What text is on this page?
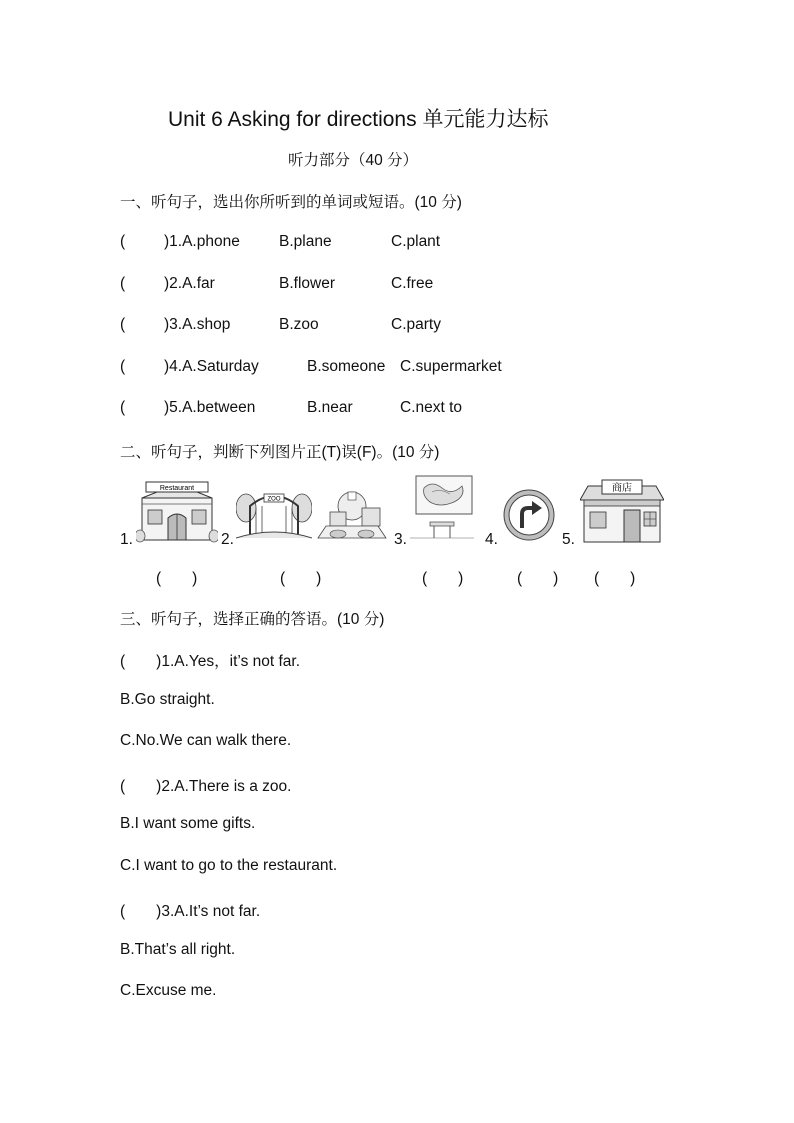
Unit 6 Asking for directions 单元能力达标
听力部分（40 分）
一、听句子，选出你所听到的单词或短语。(10 分)
(	)1.A.phone	B.plane	C.plant
(	)2.A.far	B.flower	C.free
(	)3.A.shop	B.zoo	C.party
(	)4.A.Saturday	B.someone C.supermarket
(	)5.A.between	B.near	C.next to
二、听句子，判断下列图片正(T)误(F)。(10 分)
1.	2.	3.	4.	5.
Restaurant
ZOO
商店
(　　)	(　　)	(　　)	(　　) (　　)
三、听句子，选择正确的答语。(10 分)
(　　)1.A.Yes，it’s not far.
B.Go straight.
C.No.We can walk there.
(　　)2.A.There is a zoo.
B.I want some gifts.
C.I want to go to the restaurant.
(　　)3.A.It’s not far.
B.That’s all right.
C.Excuse me.
